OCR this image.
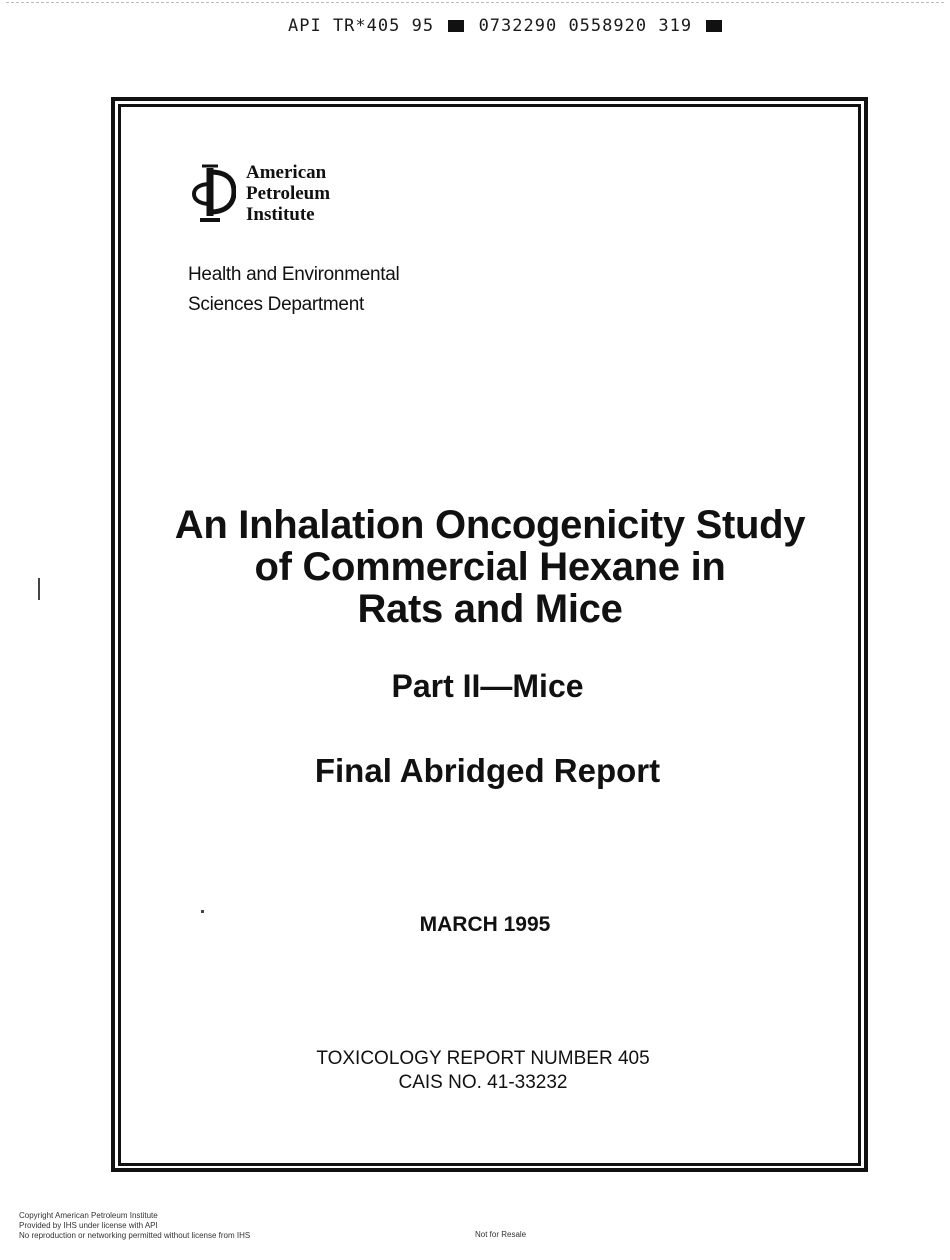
API TR*405 95	0732290 0558920 319
American
Petroleum
Institute
Health and Environmental
Sciences Department
An Inhalation Oncogenicity Study
of Commercial Hexane in
Rats and Mice
Part II—Mice
Final Abridged Report
MARCH 1995
TOXICOLOGY REPORT NUMBER 405
CAIS NO. 41-33232
Copyright American Petroleum Institute
Provided by IHS under license with API
No reproduction or networking permitted without license from IHS	Not for Resale
